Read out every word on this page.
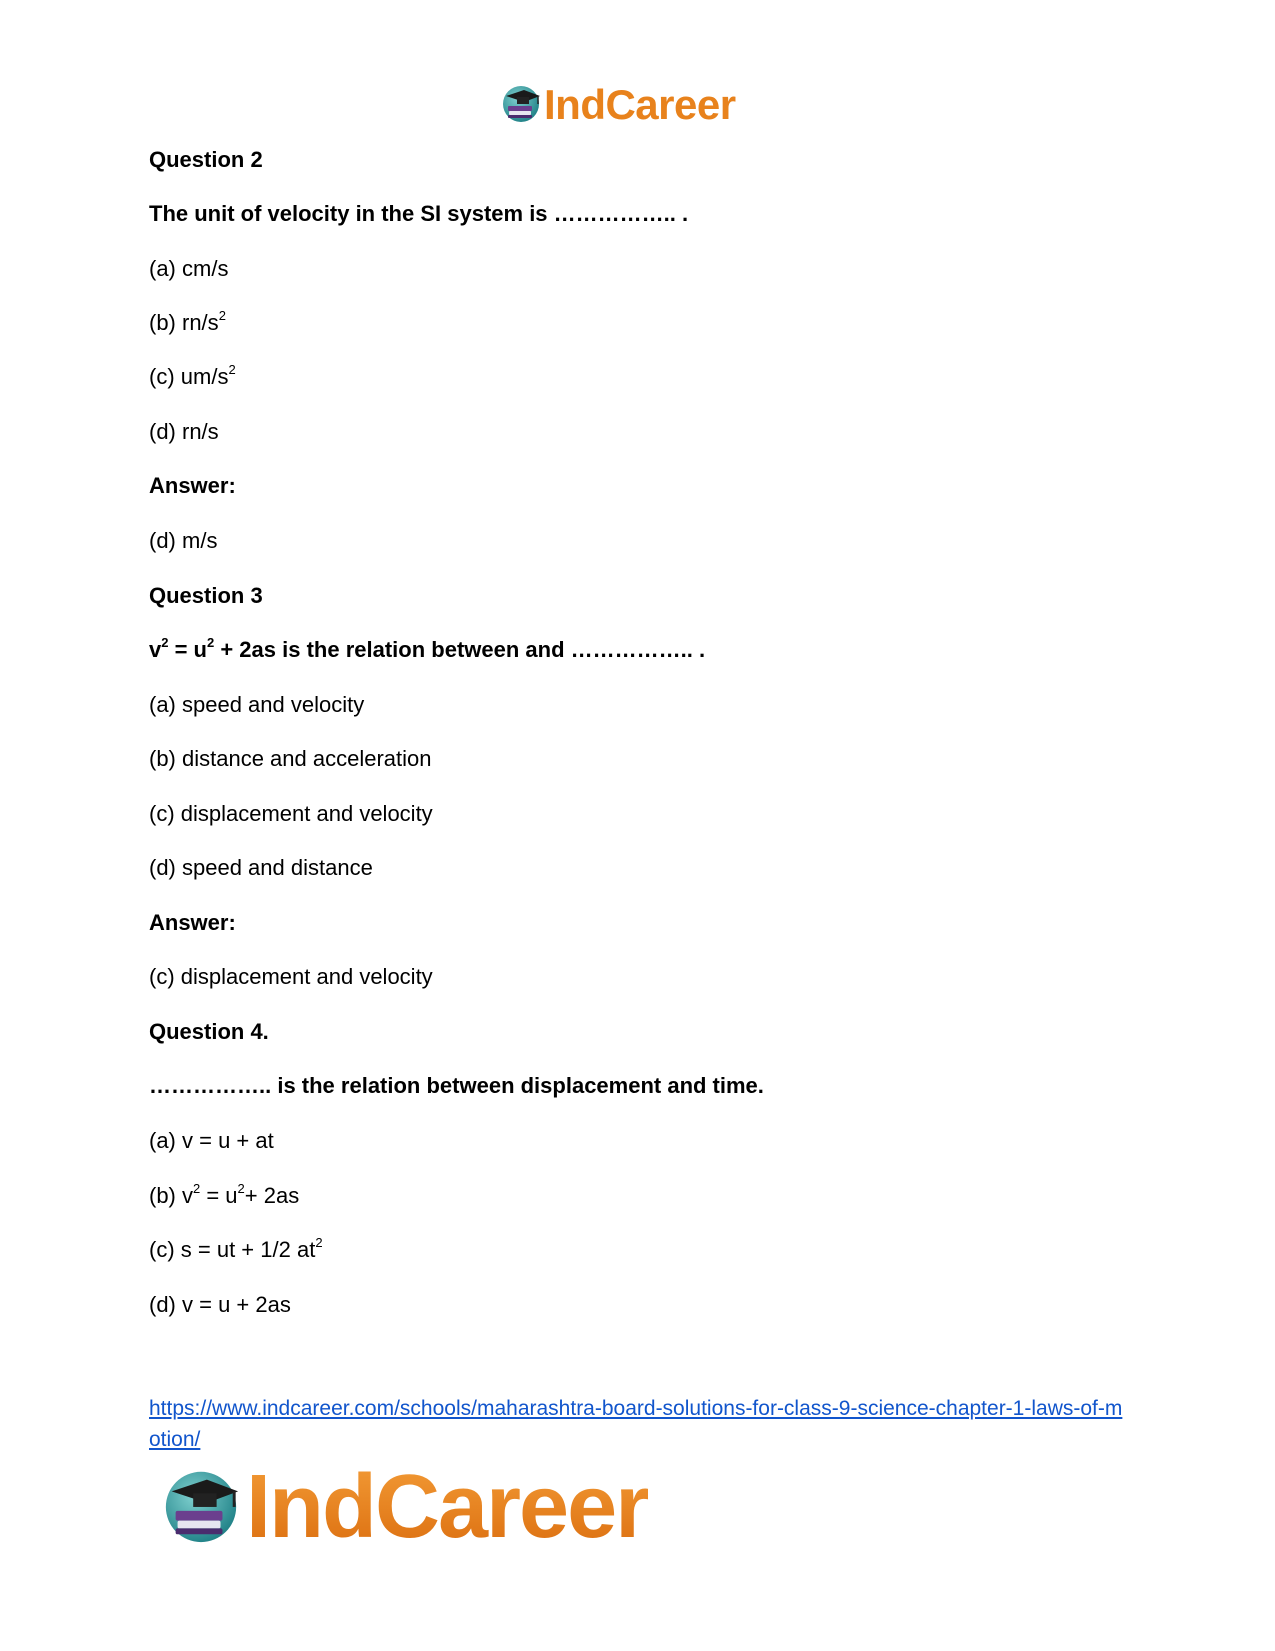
IndCareer
Question 2
The unit of velocity in the SI system is …………….. .
(a) cm/s
(b) $rn/s^2$
(c) $um/s^2$
(d) rn/s
Answer:
(d) m/s
Question 3
$v^2 = u^2 + 2as$ is the relation between and …………….. .
(a) speed and velocity
(b) distance and acceleration
(c) displacement and velocity
(d) speed and distance
Answer:
(c) displacement and velocity
Question 4.
…………….. is the relation between displacement and time.
(a) v = u + at
(b) $v^2 = u^2+ 2as$
(c) s = ut + 1/2 $at^2$
(d) v = u + 2as
https://www.indcareer.com/schools/maharashtra-board-solutions-for-class-9-science-chapter-1-laws-of-motion/
IndCareer
